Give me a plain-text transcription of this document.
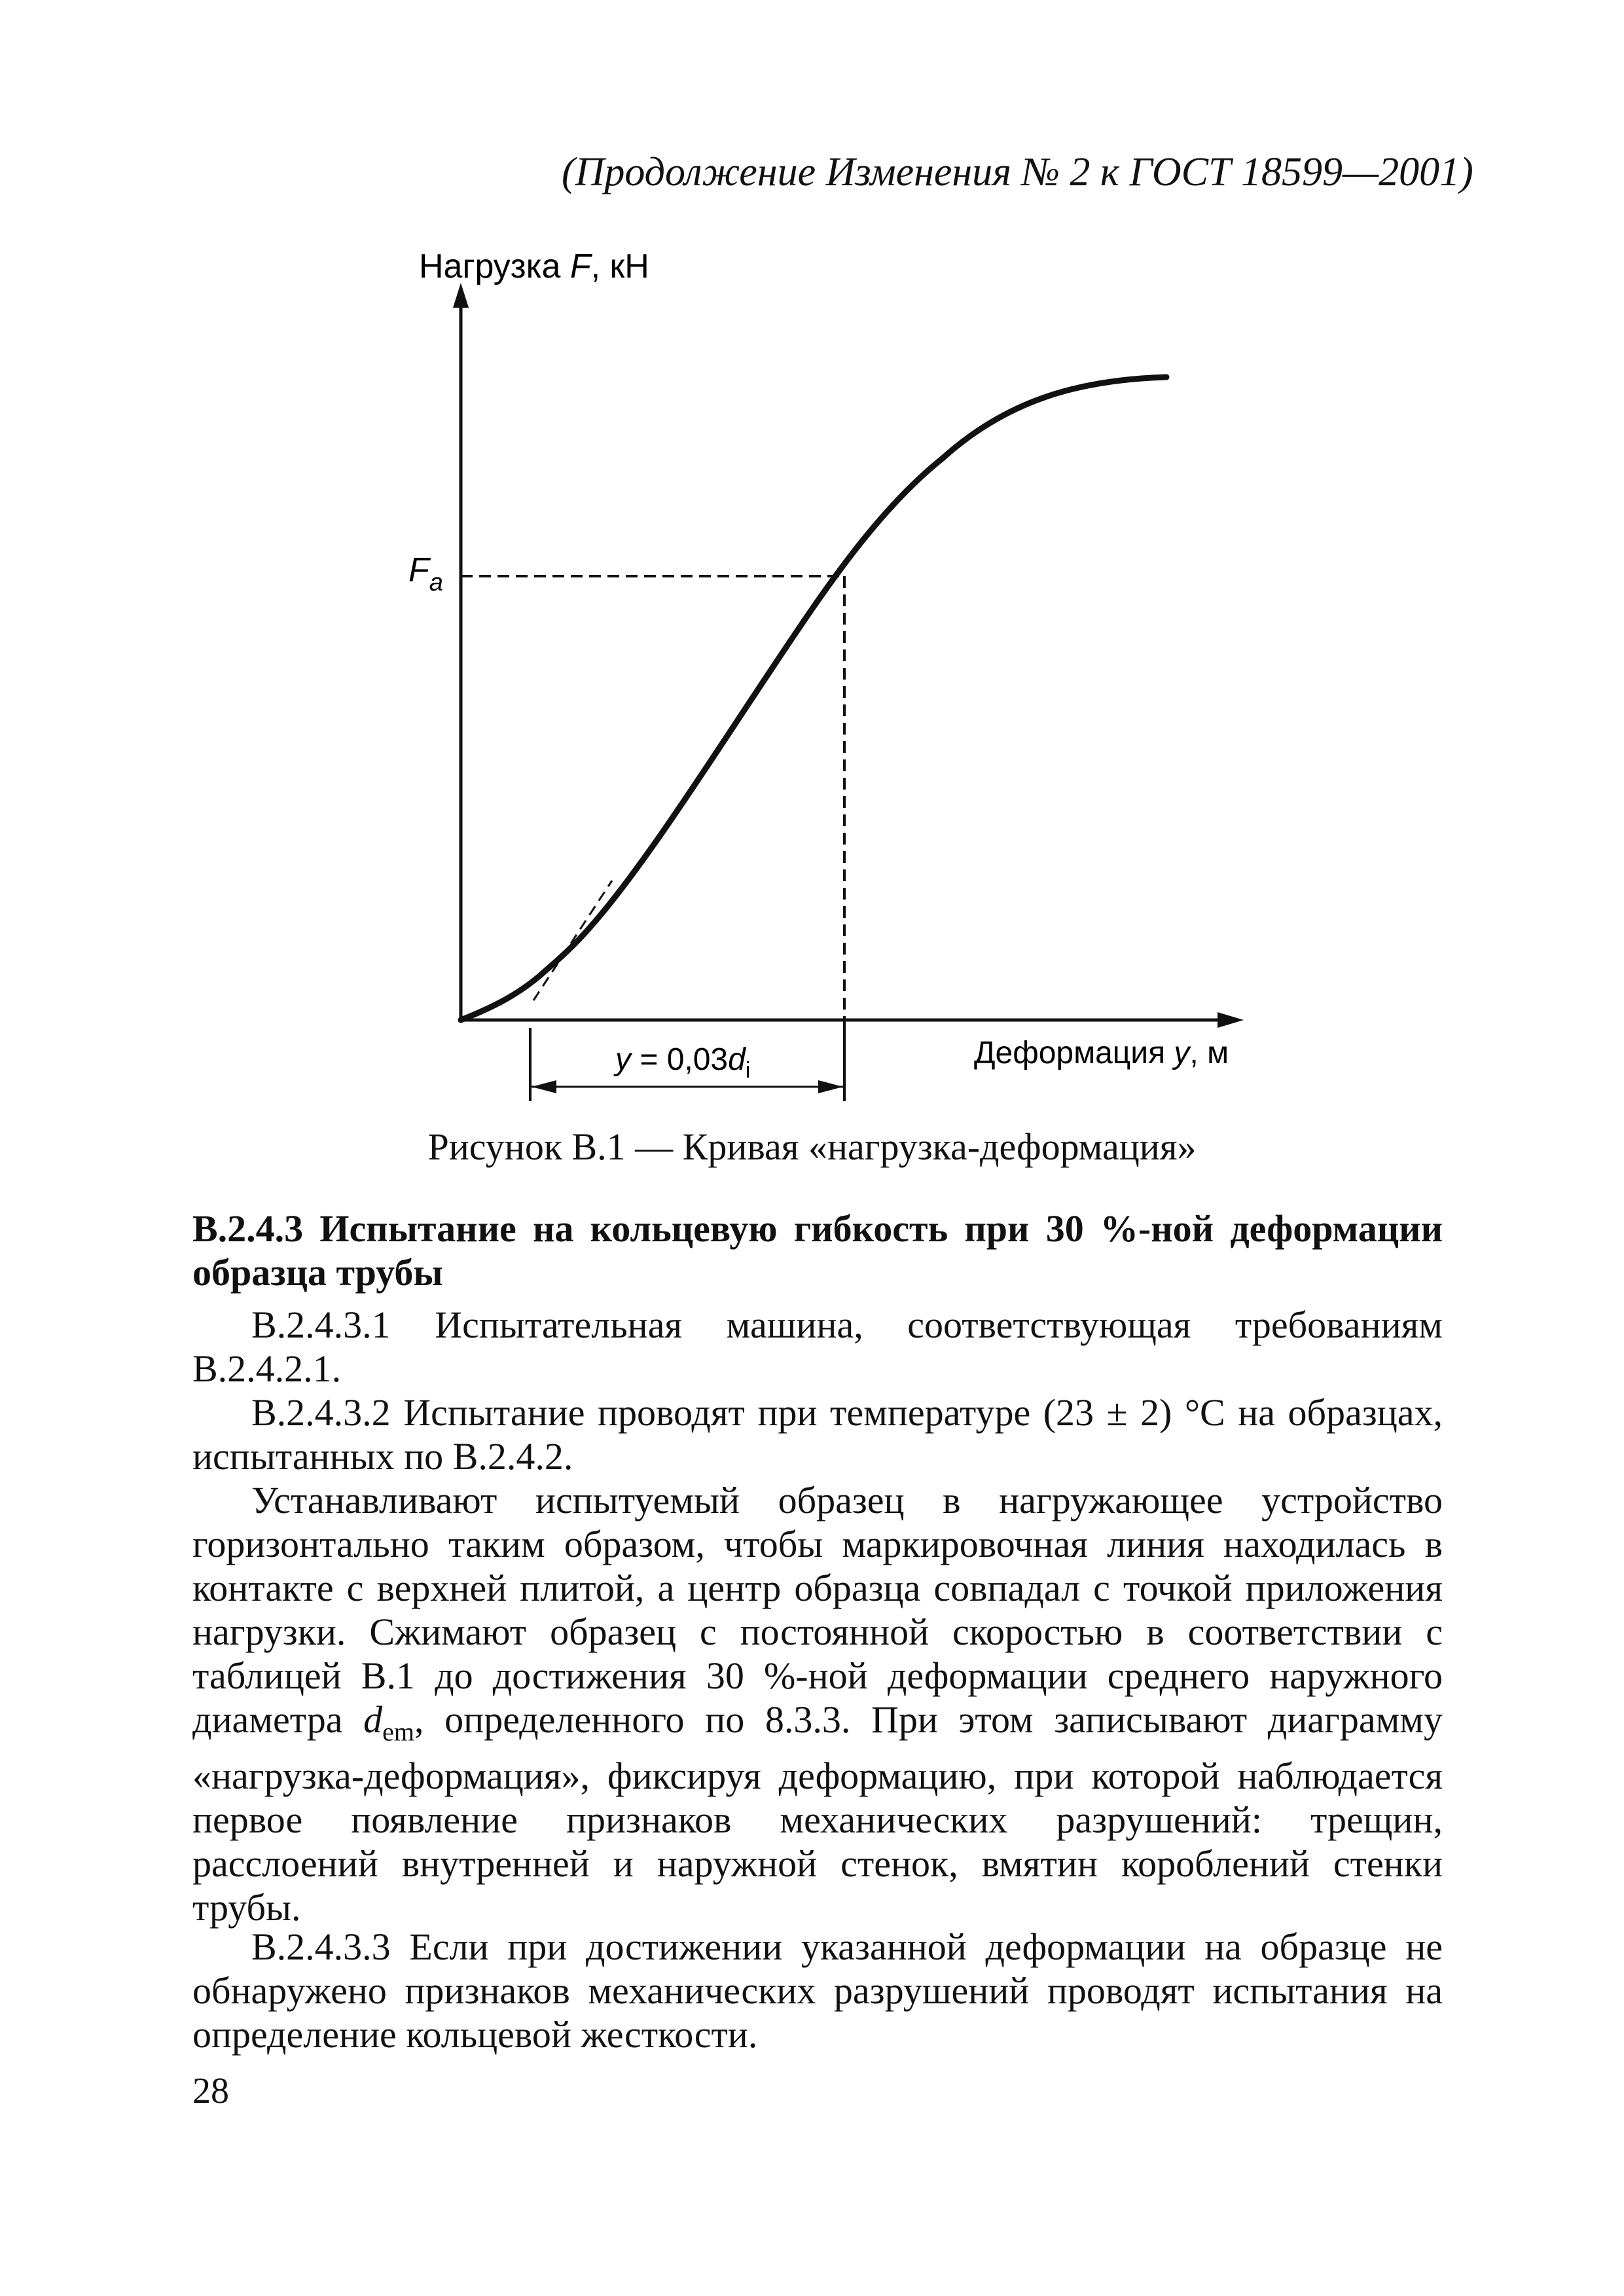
(Продолжение Изменения № 2 к ГОСТ 18599—2001)
Нагрузка F, кН
$F_a$
Деформация y, м
$y = 0,03d_i$
Рисунок В.1 — Кривая «нагрузка-деформация»
В.2.4.3 Испытание на кольцевую гибкость при 30 %-ной деформации образца трубы
В.2.4.3.1 Испытательная машина, соответствующая требованиям В.2.4.2.1.
В.2.4.3.2 Испытание проводят при температуре (23 ± 2) °С на образцах, испытанных по В.2.4.2.
Устанавливают испытуемый образец в нагружающее устройство горизонтально таким образом, чтобы маркировочная линия находилась в контакте с верхней плитой, а центр образца совпадал с точкой приложения нагрузки. Сжимают образец с постоянной скоростью в соответствии с таблицей В.1 до достижения 30 %-ной деформации среднего наружного диаметра $d_{em}$, определенного по 8.3.3. При этом записывают диаграмму «нагрузка-деформация», фиксируя деформацию, при которой наблюдается первое появление признаков механических разрушений: трещин, расслоений внутренней и наружной стенок, вмятин короблений стенки трубы.
В.2.4.3.3 Если при достижении указанной деформации на образце не обнаружено признаков механических разрушений проводят испытания на определение кольцевой жесткости.
28
